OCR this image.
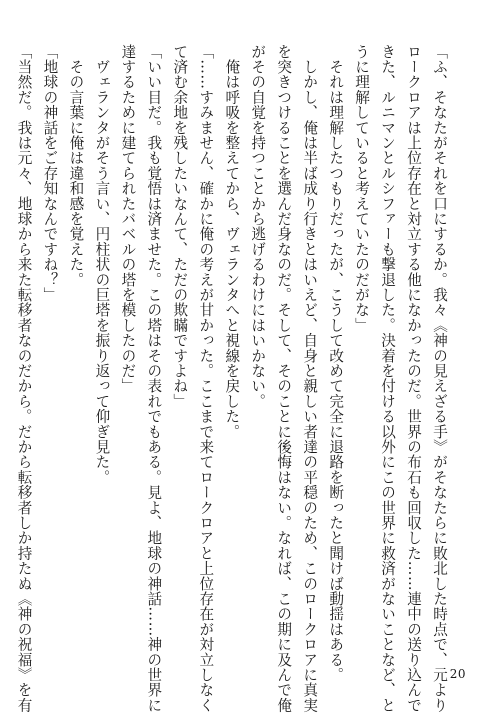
「ふ、そなたがそれを口にするか。我々《神の見えざる手》がそなたらに敗北した時点で、元より
ロークロアは上位存在と対立する他になかったのだ。世界の布石も回収した……連中の送り込んで
きた、ルニマンとルシファーも撃退した。決着を付ける以外にこの世界に救済がないことなど、と
うに理解していると考えていたのだがな」
　それは理解したつもりだったが、こうして改めて完全に退路を断ったと聞けば動揺はある。
　しかし、俺は半ば成り行きとはいえど、自身と親しい者達の平穏のため、このロークロアに真実
を突きつけることを選んだ身なのだ。そして、そのことに後悔はない。なれば、この期に及んで俺
がその自覚を持つことから逃げるわけにはいかない。
　俺は呼吸を整えてから、ヴェランタへと視線を戻した。
「……すみません、確かに俺の考えが甘かった。ここまで来てロークロアと上位存在が対立しなく
て済む余地を残したいなんて、ただの欺瞞ですよね」
「いい目だ。我も覚悟は済ませた。この塔はその表れでもある。見よ、地球の神話……神の世界に
達するために建てられたバベルの塔を模したのだ」
　ヴェランタがそう言い、円柱状の巨塔を振り返って仰ぎ見た。
　その言葉に俺は違和感を覚えた。
「地球の神話をご存知なんですね？」
「当然だ。我は元々、地球から来た転移者なのだから。だから転移者しか持たぬ《神の祝福》を有	20
